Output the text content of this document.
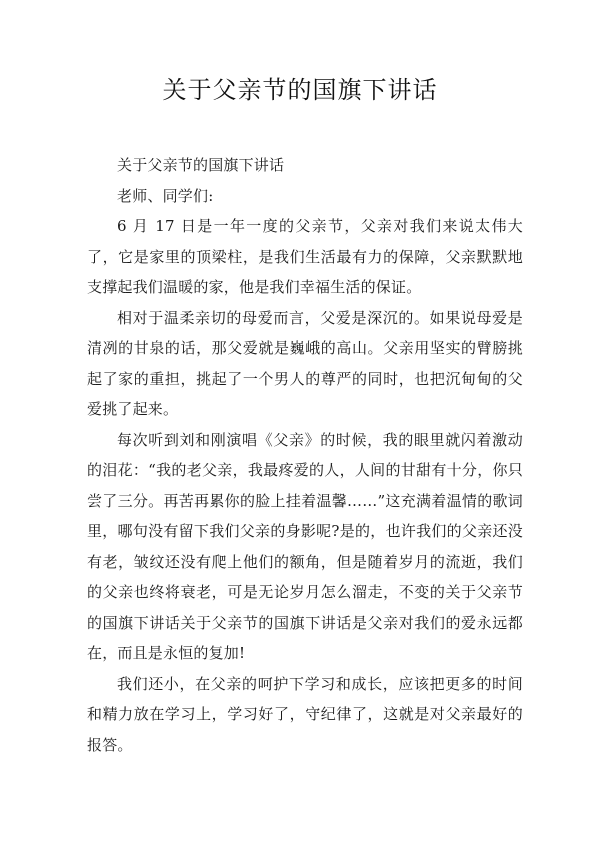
关于父亲节的国旗下讲话

关于父亲节的国旗下讲话

老师、同学们:

6 月 17 日是一年一度的父亲节，父亲对我们来说太伟大了，它是家里的顶梁柱，是我们生活最有力的保障，父亲默默地支撑起我们温暖的家，他是我们幸福生活的保证。

相对于温柔亲切的母爱而言，父爱是深沉的。如果说母爱是清冽的甘泉的话，那父爱就是巍峨的高山。父亲用坚实的臂膀挑起了家的重担，挑起了一个男人的尊严的同时，也把沉甸甸的父爱挑了起来。

每次听到刘和刚演唱《父亲》的时候，我的眼里就闪着激动的泪花：“我的老父亲，我最疼爱的人，人间的甘甜有十分，你只尝了三分。再苦再累你的脸上挂着温馨……”这充满着温情的歌词里，哪句没有留下我们父亲的身影呢?是的，也许我们的父亲还没有老，皱纹还没有爬上他们的额角，但是随着岁月的流逝，我们的父亲也终将衰老，可是无论岁月怎么溜走，不变的关于父亲节的国旗下讲话关于父亲节的国旗下讲话是父亲对我们的爱永远都在，而且是永恒的复加!

我们还小，在父亲的呵护下学习和成长，应该把更多的时间和精力放在学习上，学习好了，守纪律了，这就是对父亲最好的报答。
